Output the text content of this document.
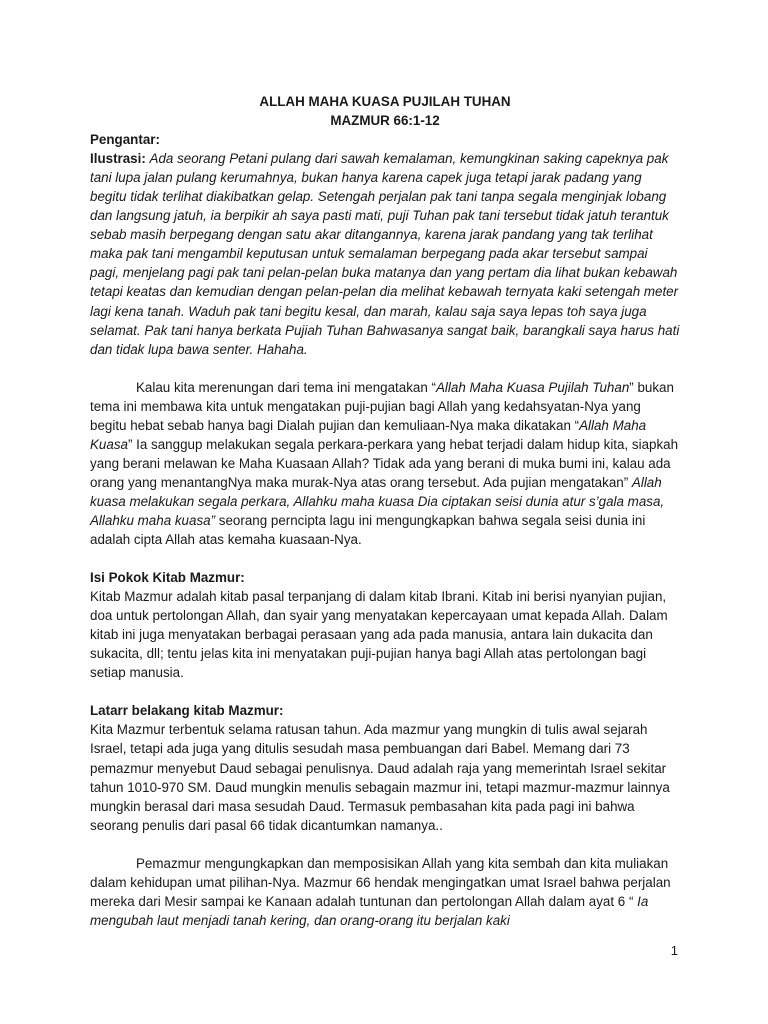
ALLAH MAHA KUASA PUJILAH TUHAN

MAZMUR 66:1-12

Pengantar:

Ilustrasi: Ada seorang Petani pulang dari sawah kemalaman, kemungkinan saking capeknya pak tani lupa jalan pulang kerumahnya, bukan hanya karena capek juga tetapi jarak padang yang begitu tidak terlihat diakibatkan gelap. Setengah perjalan pak tani tanpa segala menginjak lobang dan langsung jatuh, ia berpikir ah saya pasti mati, puji Tuhan pak tani tersebut tidak jatuh terantuk sebab masih berpegang dengan satu akar ditangannya, karena jarak pandang yang tak terlihat maka pak tani mengambil keputusan untuk semalaman berpegang pada akar tersebut sampai pagi, menjelang pagi pak tani pelan-pelan buka matanya dan yang pertam dia lihat bukan kebawah tetapi keatas dan kemudian dengan pelan-pelan dia melihat kebawah ternyata kaki setengah meter lagi kena tanah. Waduh pak tani begitu kesal, dan marah, kalau saja saya lepas toh saya juga selamat. Pak tani hanya berkata Pujiah Tuhan Bahwasanya sangat baik, barangkali saya harus hati dan tidak lupa bawa senter. Hahaha.

Kalau kita merenungan dari tema ini mengatakan “Allah Maha Kuasa Pujilah Tuhan” bukan tema ini membawa kita untuk mengatakan puji-pujian bagi Allah yang kedahsyatan-Nya yang begitu hebat sebab hanya bagi Dialah pujian dan kemuliaan-Nya maka dikatakan “Allah Maha Kuasa” Ia sanggup melakukan segala perkara-perkara yang hebat terjadi dalam hidup kita, siapkah yang berani melawan ke Maha Kuasaan Allah? Tidak ada yang berani di muka bumi ini, kalau ada orang yang menantangNya maka murak-Nya atas orang tersebut. Ada pujian mengatakan” Allah kuasa melakukan segala perkara, Allahku maha kuasa Dia ciptakan seisi dunia atur s’gala masa, Allahku maha kuasa” seorang perncipta lagu ini mengungkapkan bahwa segala seisi dunia ini adalah cipta Allah atas kemaha kuasaan-Nya.

Isi Pokok Kitab Mazmur:

Kitab Mazmur adalah kitab pasal terpanjang di dalam kitab Ibrani. Kitab ini berisi nyanyian pujian, doa untuk pertolongan Allah, dan syair yang menyatakan kepercayaan umat kepada Allah. Dalam kitab ini juga menyatakan berbagai perasaan yang ada pada manusia, antara lain dukacita dan sukacita, dll; tentu jelas kita ini menyatakan puji-pujian hanya bagi Allah atas pertolongan bagi setiap manusia.

Latarr belakang kitab Mazmur:

Kita Mazmur terbentuk selama ratusan tahun. Ada mazmur yang mungkin di tulis awal sejarah Israel, tetapi ada juga yang ditulis sesudah masa pembuangan dari Babel. Memang dari 73 pemazmur menyebut Daud sebagai penulisnya. Daud adalah raja yang memerintah Israel sekitar tahun 1010-970 SM. Daud mungkin menulis sebagain mazmur ini, tetapi mazmur-mazmur lainnya mungkin berasal dari masa sesudah Daud. Termasuk pembasahan kita pada pagi ini bahwa seorang penulis dari pasal 66 tidak dicantumkan namanya..

Pemazmur mengungkapkan dan memposisikan Allah yang kita sembah dan kita muliakan dalam kehidupan umat pilihan-Nya. Mazmur 66 hendak mengingatkan umat Israel bahwa perjalan mereka dari Mesir sampai ke Kanaan adalah tuntunan dan pertolongan Allah dalam ayat 6 “ Ia mengubah laut menjadi tanah kering, dan orang-orang itu berjalan kaki

1
